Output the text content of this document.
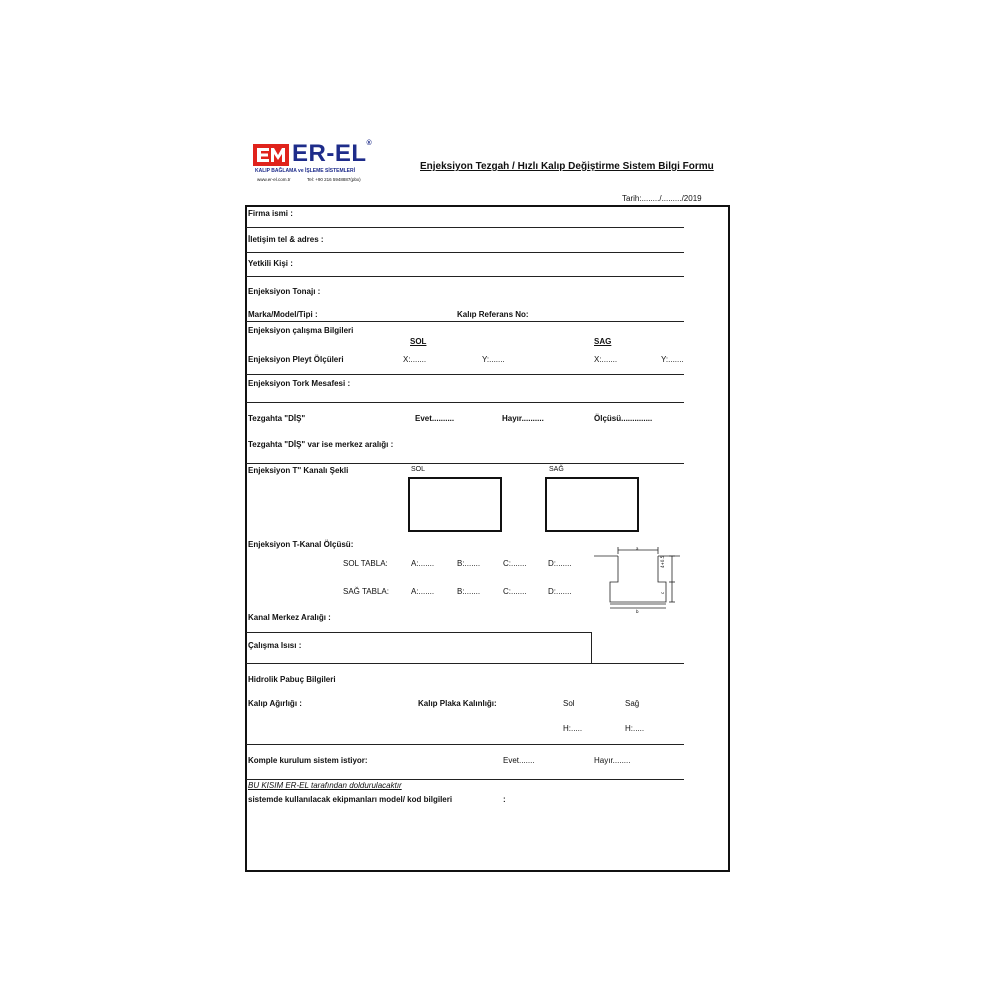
ER-EL®
KALIP BAĞLAMA ve İŞLEME SİSTEMLERİ
www.er-el.com.tr	Tel: +90 216 5948887(pbx)
Enjeksiyon Tezgah / Hızlı Kalıp Değiştirme Sistem Bilgi Formu
Tarih:......../........./2019
Firma ismi :
İletişim tel & adres :
Yetkili Kişi :
Enjeksiyon Tonajı :
Marka/Model/Tipi :	Kalıp Referans No:
Enjeksiyon çalışma Bilgileri
SOL	SAG
Enjeksiyon Pleyt Ölçüleri	X:.......	Y:.......	X:.......	Y:.......
Enjeksiyon Tork Mesafesi :
Tezgahta "DİŞ"	Evet..........	Hayır..........	Ölçüsü..............
Tezgahta "DİŞ" var ise merkez aralığı :
Enjeksiyon T'' Kanalı Şekli	SOL	SAĞ
Enjeksiyon T-Kanal Ölçüsü:
SOL TABLA:	A:.......	B:.......	C:.......	D:.......
SAĞ TABLA:	A:.......	B:.......	C:.......	D:.......
a
b
4+0.5
c
Kanal Merkez Aralığı :
Çalışma Isısı :
Hidrolik Pabuç Bilgileri
Kalıp Ağırlığı :	Kalıp Plaka Kalınlığı:	Sol	Sağ
H:.....	H:.....
Komple kurulum sistem istiyor:	Evet.......	Hayır........
BU KISIM ER-EL tarafından doldurulacaktır
sistemde kullanılacak ekipmanları model/ kod bilgileri	:
